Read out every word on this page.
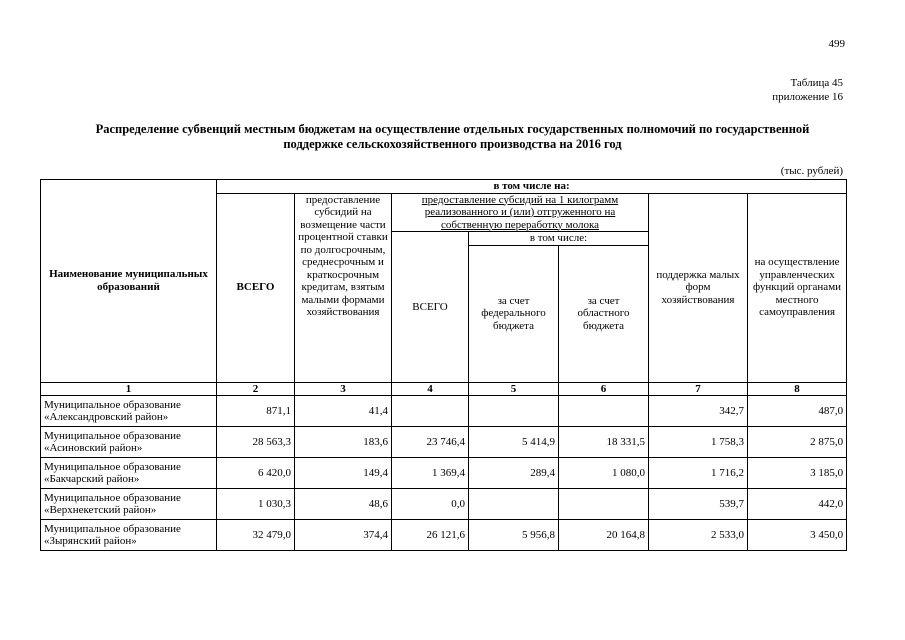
499
Таблица 45
приложение 16
Распределение субвенций местным бюджетам на осуществление отдельных государственных полномочий по государственной
поддержке сельскохозяйственного производства на 2016 год
(тыс. рублей)
Наименование муниципальных образований	в том числе на:						
	ВСЕГО	предоставление субсидий на возмещение части процентной ставки по долгосрочным, среднесрочным и краткосрочным кредитам, взятым малыми формами хозяйствования	предоставление субсидий на 1 килограмм реализованного и (или) отгруженного на собственную переработку молока			поддержка малых форм хозяйствования	на осуществление управленческих функций органами местного самоуправления
			ВСЕГО	в том числе:			
				за счет федерального бюджета	за счет областного бюджета		
1	2	3	4	5	6	7	8
Муниципальное образование «Александровский район»	871,1	41,4				342,7	487,0
Муниципальное образование «Асиновский район»	28 563,3	183,6	23 746,4	5 414,9	18 331,5	1 758,3	2 875,0
Муниципальное образование «Бакчарский район»	6 420,0	149,4	1 369,4	289,4	1 080,0	1 716,2	3 185,0
Муниципальное образование «Верхнекетский район»	1 030,3	48,6	0,0			539,7	442,0
Муниципальное образование «Зырянский район»	32 479,0	374,4	26 121,6	5 956,8	20 164,8	2 533,0	3 450,0
